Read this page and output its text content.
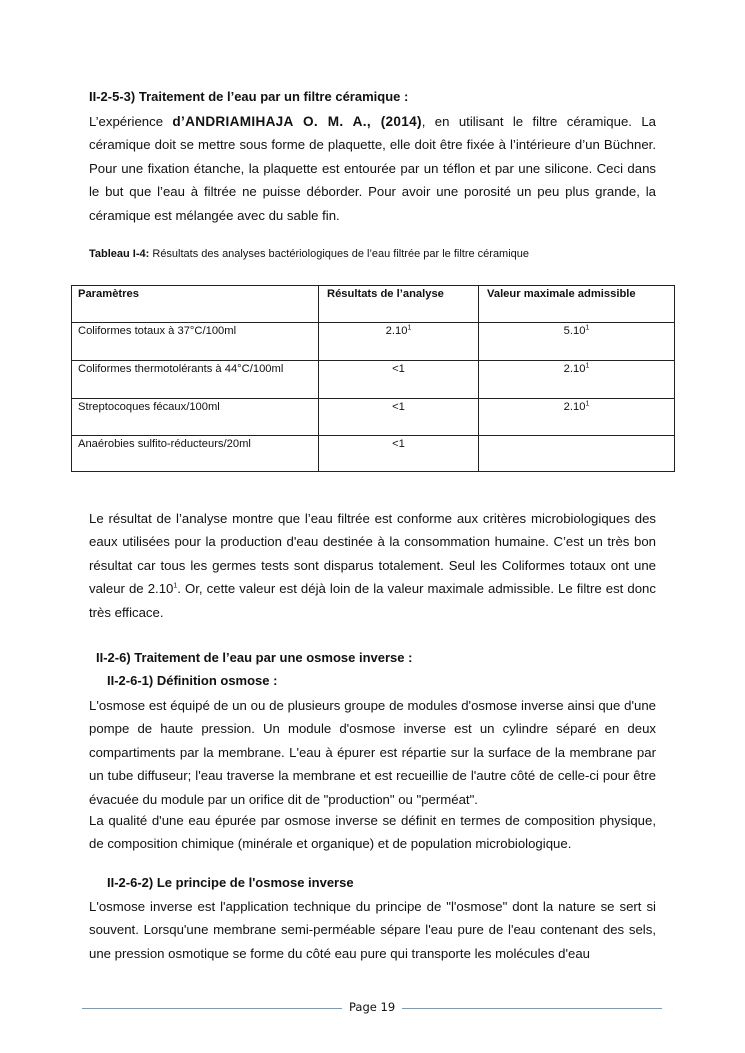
II-2-5-3) Traitement de l’eau par un filtre céramique :

L’expérience d’ANDRIAMIHAJA O. M. A., (2014), en utilisant le filtre céramique. La céramique doit se mettre sous forme de plaquette, elle doit être fixée à l’intérieure d’un Büchner. Pour une fixation étanche, la plaquette est entourée par un téflon et par une silicone. Ceci dans le but que l’eau à filtrée ne puisse déborder. Pour avoir une porosité un peu plus grande, la céramique est mélangée avec du sable fin.

Tableau I-4: Résultats des analyses bactériologiques de l’eau filtrée par le filtre céramique
Paramètres	Résultats de l’analyse	Valeur maximale admissible
Coliformes totaux à 37°C/100ml	2.10$^1$	5.10$^1$
Coliformes thermotolérants à 44°C/100ml	<1	2.10$^1$
Streptocoques fécaux/100ml	<1	2.10$^1$
Anaérobies sulfito-réducteurs/20ml	<1	

Le résultat de l’analyse montre que l’eau filtrée est conforme aux critères microbiologiques des eaux utilisées pour la production d'eau destinée à la consommation humaine. C’est un très bon résultat car tous les germes tests sont disparus totalement. Seul les Coliformes totaux ont une valeur de 2.10$^1$. Or, cette valeur est déjà loin de la valeur maximale admissible. Le filtre est donc très efficace.

II-2-6) Traitement de l’eau par une osmose inverse :
II-2-6-1) Définition osmose :

L'osmose est équipé de un ou de plusieurs groupe de modules d'osmose inverse ainsi que d'une pompe de haute pression. Un module d'osmose inverse est un cylindre séparé en deux compartiments par la membrane. L'eau à épurer est répartie sur la surface de la membrane par un tube diffuseur; l'eau traverse la membrane et est recueillie de l'autre côté de celle-ci pour être évacuée du module par un orifice dit de "production" ou "perméat".

La qualité d'une eau épurée par osmose inverse se définit en termes de composition physique, de composition chimique (minérale et organique) et de population microbiologique.

II-2-6-2) Le principe de l'osmose inverse

L'osmose inverse est l'application technique du principe de "l'osmose" dont la nature se sert si souvent. Lorsqu'une membrane semi-perméable sépare l'eau pure de l'eau contenant des sels, une pression osmotique se forme du côté eau pure qui transporte les molécules d'eau

Page 19
